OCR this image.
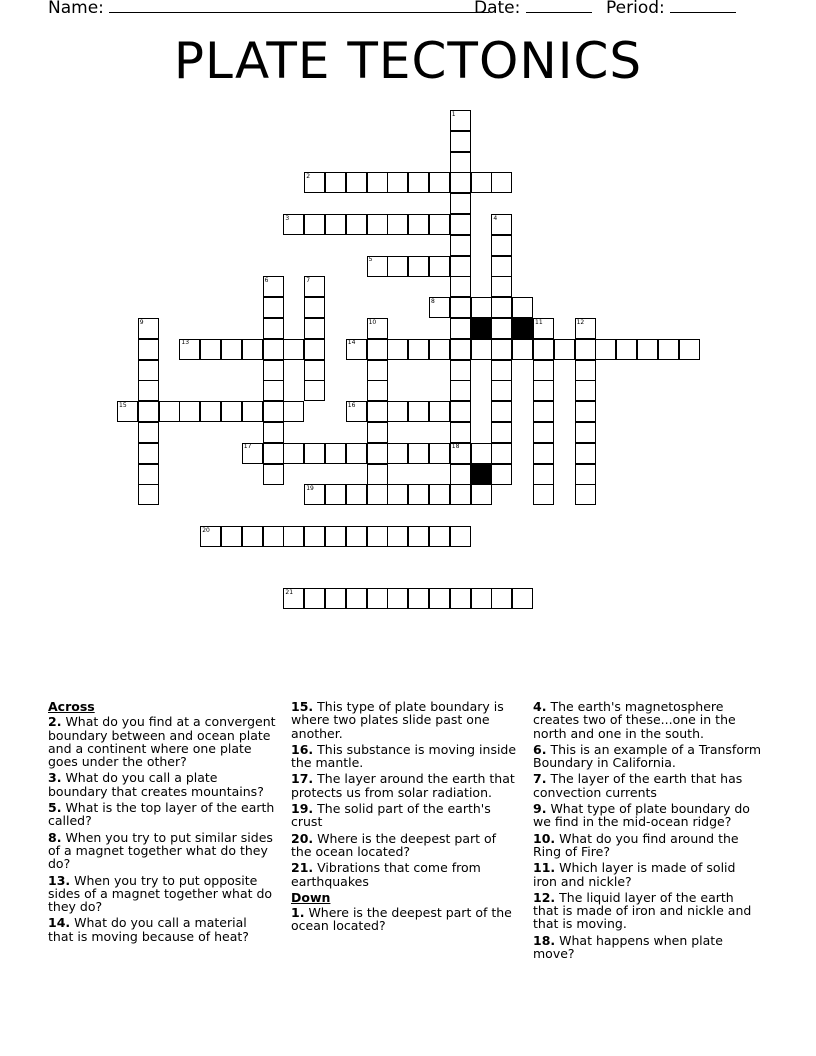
Name:	Date:	Period:
PLATE TECTONICS
1
2
3	4
5
6	7
8
9	10	11	12
13	14
15	16
17	18
19
20
21
Across
2. What do you find at a convergent boundary between and ocean plate and a continent where one plate goes under the other?
3. What do you call a plate boundary that creates mountains?
5. What is the top layer of the earth called?
8. When you try to put similar sides of a magnet together what do they do?
13. When you try to put opposite sides of a magnet together what do they do?
14. What do you call a material that is moving because of heat?
15. This type of plate boundary is where two plates slide past one another.
16. This substance is moving inside the mantle.
17. The layer around the earth that protects us from solar radiation.
19. The solid part of the earth's crust
20. Where is the deepest part of the ocean located?
21. Vibrations that come from earthquakes
Down
1. Where is the deepest part of the ocean located?
4. The earth's magnetosphere creates two of these...one in the north and one in the south.
6. This is an example of a Transform Boundary in California.
7. The layer of the earth that has convection currents
9. What type of plate boundary do we find in the mid-ocean ridge?
10. What do you find around the Ring of Fire?
11. Which layer is made of solid iron and nickle?
12. The liquid layer of the earth that is made of iron and nickle and that is moving.
18. What happens when plate move?
